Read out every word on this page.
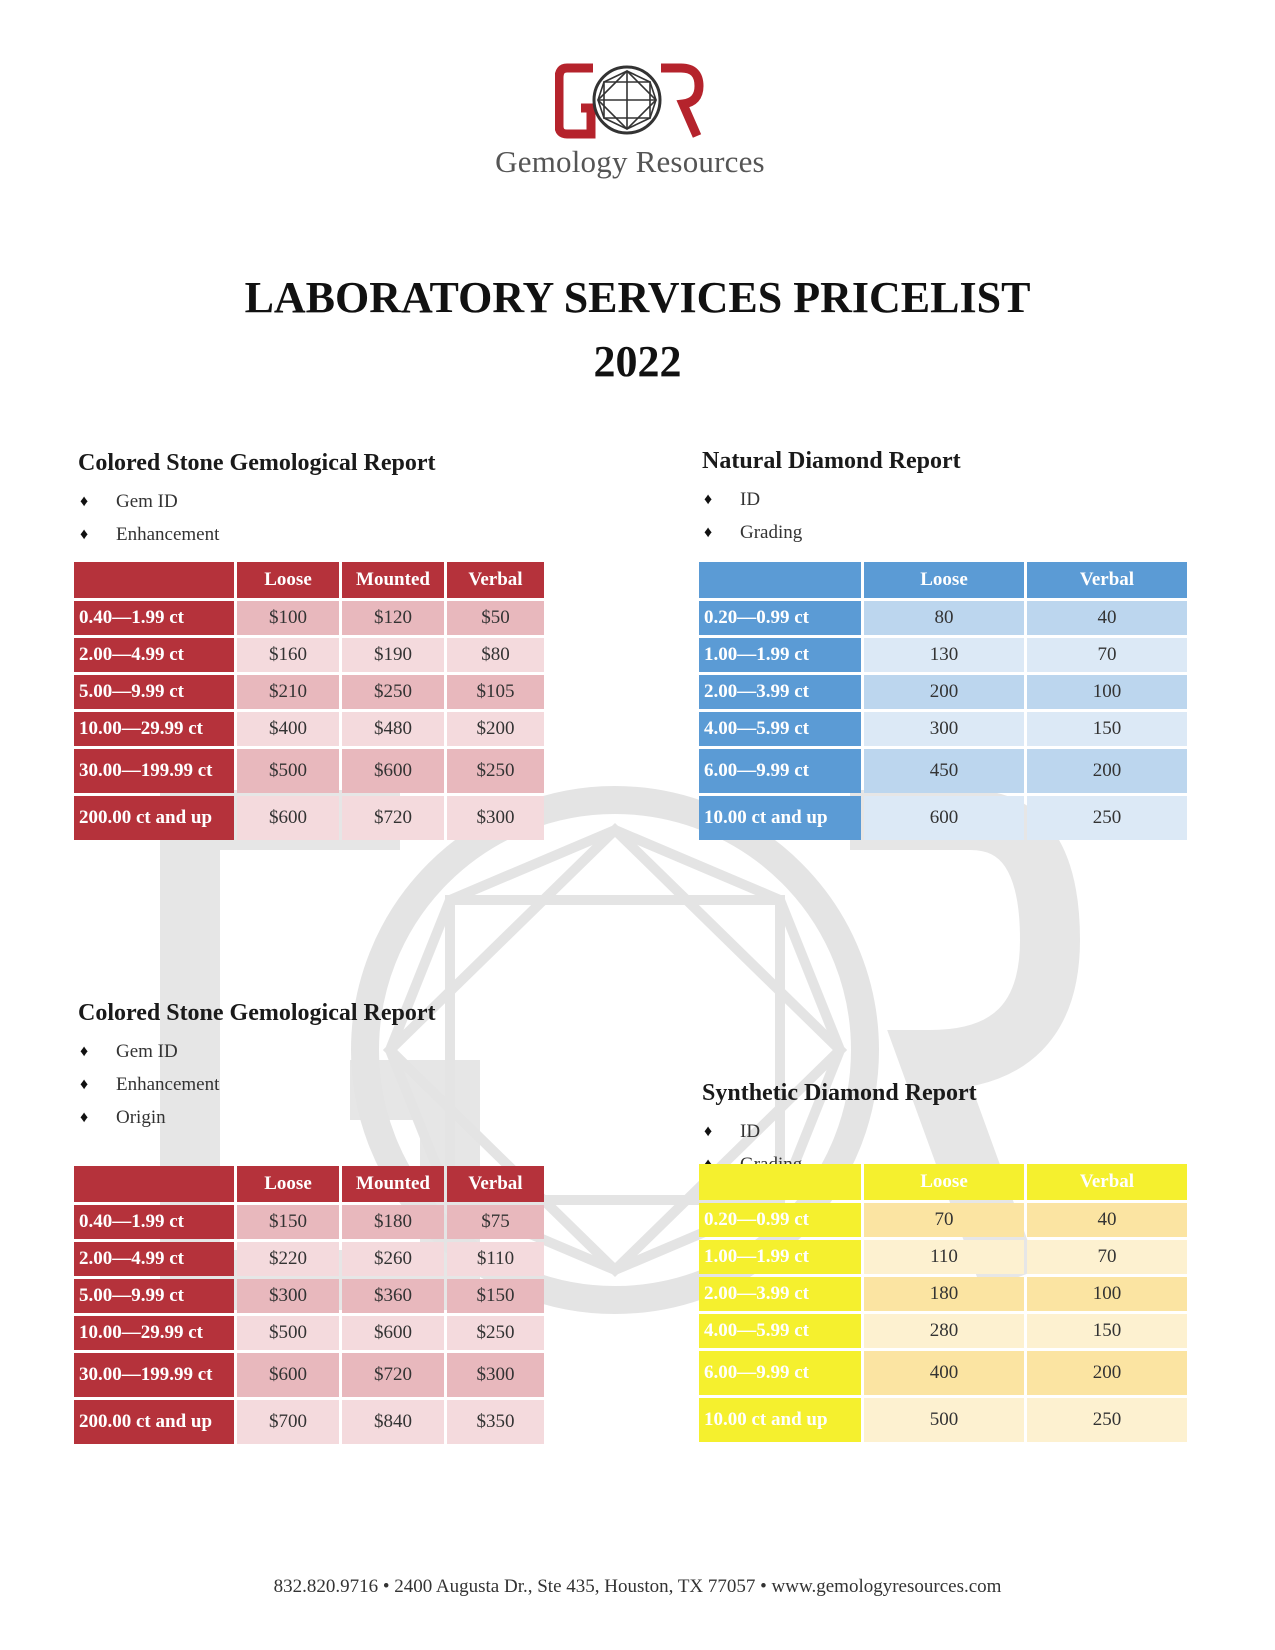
Gemology Resources
LABORATORY SERVICES PRICELIST
2022
Colored Stone Gemological Report
♦ Gem ID
♦ Enhancement
	Loose	Mounted	Verbal
0.40—1.99 ct	$100	$120	$50
2.00—4.99 ct	$160	$190	$80
5.00—9.99 ct	$210	$250	$105
10.00—29.99 ct	$400	$480	$200
30.00—199.99 ct	$500	$600	$250
200.00 ct and up	$600	$720	$300
Natural Diamond Report
♦ ID
♦ Grading
	Loose	Verbal
0.20—0.99 ct	80	40
1.00—1.99 ct	130	70
2.00—3.99 ct	200	100
4.00—5.99 ct	300	150
6.00—9.99 ct	450	200
10.00 ct and up	600	250
Colored Stone Gemological Report
♦ Gem ID
♦ Enhancement
♦ Origin
	Loose	Mounted	Verbal
0.40—1.99 ct	$150	$180	$75
2.00—4.99 ct	$220	$260	$110
5.00—9.99 ct	$300	$360	$150
10.00—29.99 ct	$500	$600	$250
30.00—199.99 ct	$600	$720	$300
200.00 ct and up	$700	$840	$350
Synthetic Diamond Report
♦ ID
♦
	Loose	Verbal
0.20—0.99 ct	70	40
1.00—1.99 ct	110	70
2.00—3.99 ct	180	100
4.00—5.99 ct	280	150
6.00—9.99 ct	400	200
10.00 ct and up	500	250
832.820.9716 • 2400 Augusta Dr., Ste 435, Houston, TX 77057 • www.gemologyresources.com
